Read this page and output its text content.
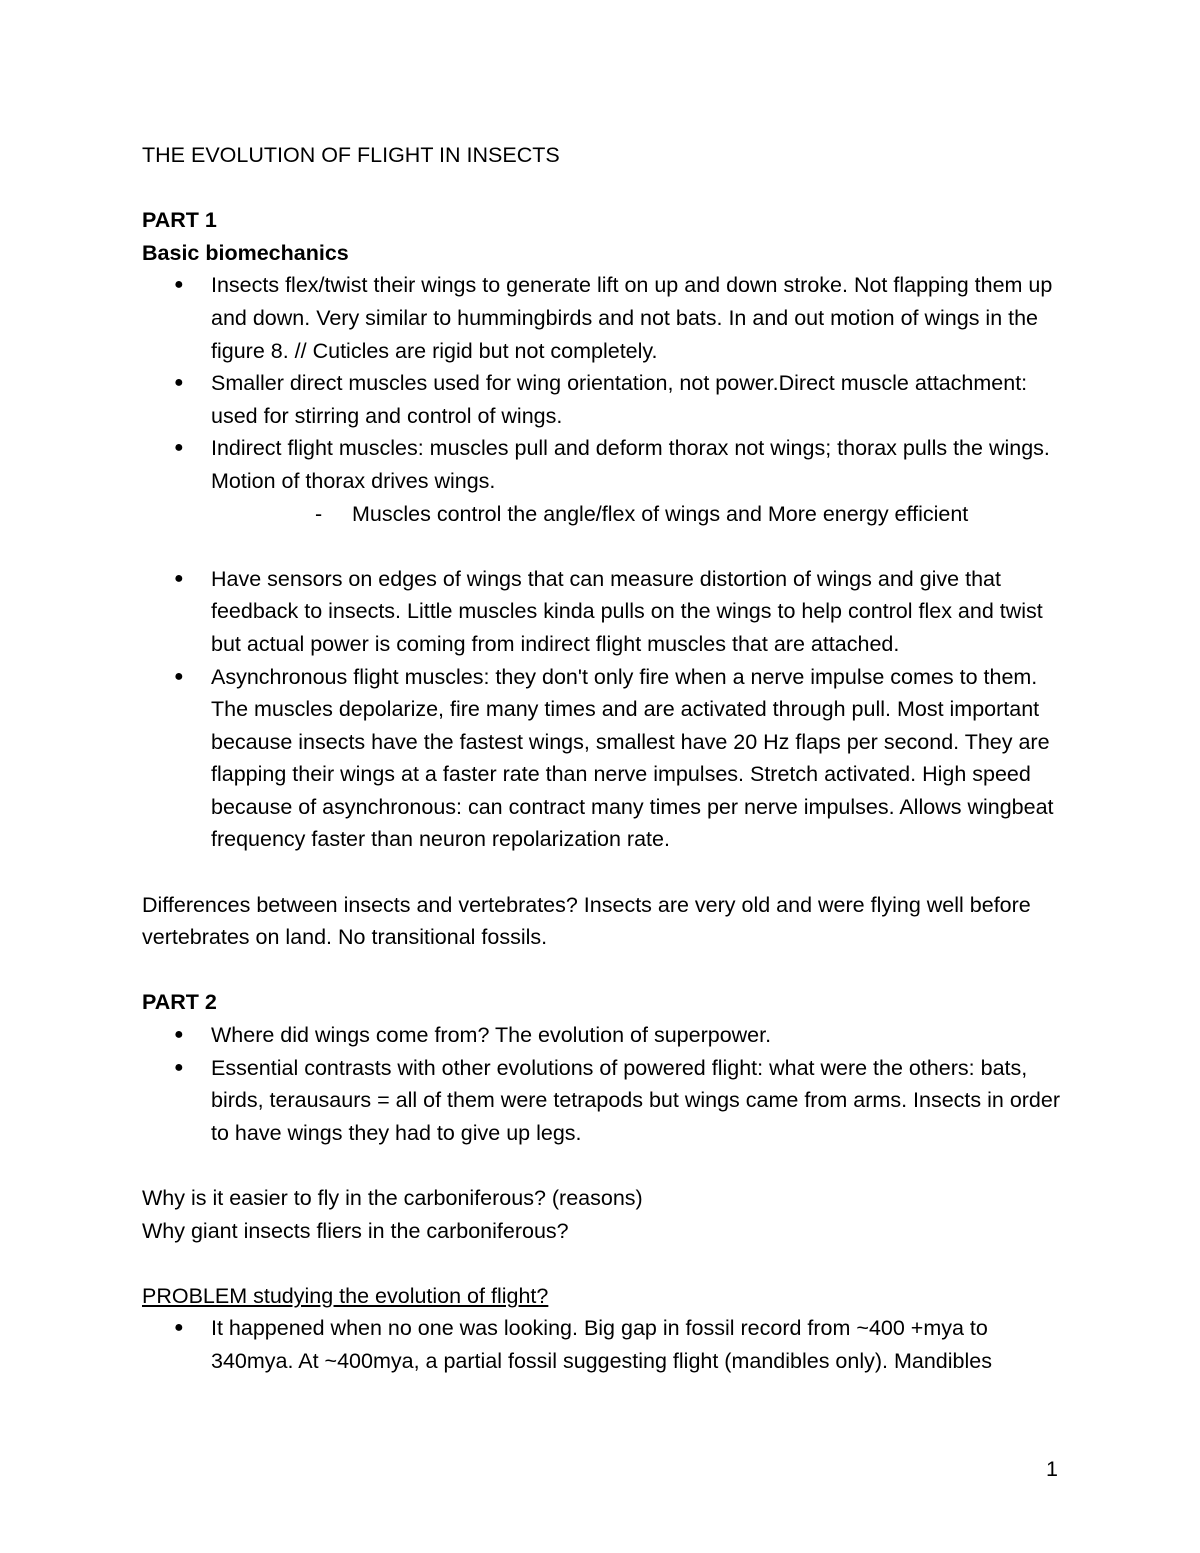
THE EVOLUTION OF FLIGHT IN INSECTS
PART 1
Basic biomechanics
● Insects flex/twist their wings to generate lift on up and down stroke. Not flapping them up and down. Very similar to hummingbirds and not bats. In and out motion of wings in the figure 8. // Cuticles are rigid but not completely.
● Smaller direct muscles used for wing orientation, not power.Direct muscle attachment: used for stirring and control of wings.
● Indirect flight muscles: muscles pull and deform thorax not wings; thorax pulls the wings. Motion of thorax drives wings.
- Muscles control the angle/flex of wings and More energy efficient
● Have sensors on edges of wings that can measure distortion of wings and give that feedback to insects. Little muscles kinda pulls on the wings to help control flex and twist but actual power is coming from indirect flight muscles that are attached.
● Asynchronous flight muscles: they don't only fire when a nerve impulse comes to them. The muscles depolarize, fire many times and are activated through pull. Most important because insects have the fastest wings, smallest have 20 Hz flaps per second. They are flapping their wings at a faster rate than nerve impulses. Stretch activated. High speed because of asynchronous: can contract many times per nerve impulses. Allows wingbeat frequency faster than neuron repolarization rate.

Differences between insects and vertebrates? Insects are very old and were flying well before vertebrates on land. No transitional fossils.

PART 2
● Where did wings come from? The evolution of superpower.
● Essential contrasts with other evolutions of powered flight: what were the others: bats, birds, terausaurs = all of them were tetrapods but wings came from arms. Insects in order to have wings they had to give up legs.

Why is it easier to fly in the carboniferous? (reasons)

Why giant insects fliers in the carboniferous?

PROBLEM studying the evolution of flight?

● It happened when no one was looking. Big gap in fossil record from ~400 +mya to 340mya. At ~400mya, a partial fossil suggesting flight (mandibles only). Mandibles
1
